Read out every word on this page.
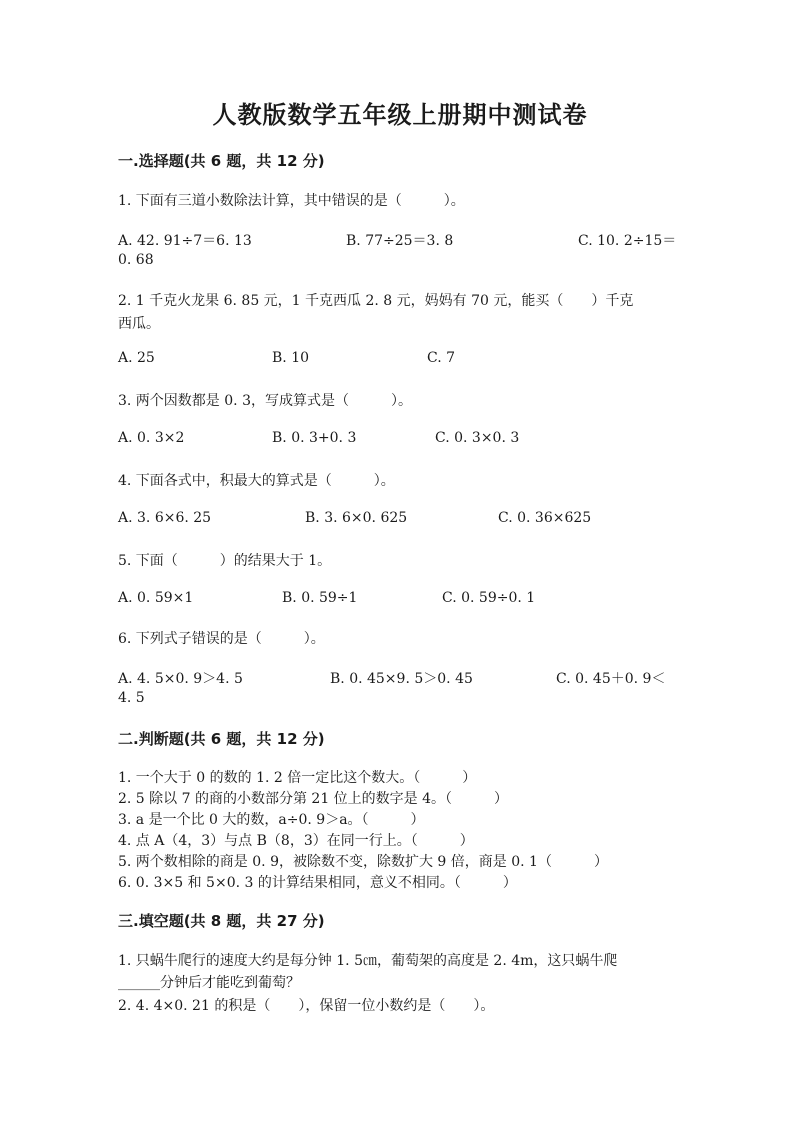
人教版数学五年级上册期中测试卷
一.选择题(共 6 题，共 12 分)
1. 下面有三道小数除法计算，其中错误的是（　　　）。
A. 42. 91÷7＝6. 13	B. 77÷25＝3. 8	C. 10. 2÷15＝
0. 68
2. 1 千克火龙果 6. 85 元，1 千克西瓜 2. 8 元，妈妈有 70 元，能买（　　）千克
西瓜。
A. 25	B. 10	C. 7
3. 两个因数都是 0. 3，写成算式是（　　　）。
A. 0. 3×2	B. 0. 3+0. 3	C. 0. 3×0. 3
4. 下面各式中，积最大的算式是（　　　）。
A. 3. 6×6. 25	B. 3. 6×0. 625	C. 0. 36×625
5. 下面（　　　）的结果大于 1。
A. 0. 59×1	B. 0. 59÷1	C. 0. 59÷0. 1
6. 下列式子错误的是（　　　）。
A. 4. 5×0. 9＞4. 5	B. 0. 45×9. 5＞0. 45	C. 0. 45＋0. 9＜
4. 5
二.判断题(共 6 题，共 12 分)
1. 一个大于 0 的数的 1. 2 倍一定比这个数大。（　　　）
2. 5 除以 7 的商的小数部分第 21 位上的数字是 4。（　　　）
3. a 是一个比 0 大的数，a÷0. 9＞a。（　　　）
4. 点 A（4，3）与点 B（8，3）在同一行上。（　　　）
5. 两个数相除的商是 0. 9，被除数不变，除数扩大 9 倍，商是 0. 1（　　　）
6. 0. 3×5 和 5×0. 3 的计算结果相同，意义不相同。（　　　）
三.填空题(共 8 题，共 27 分)
1. 只蜗牛爬行的速度大约是每分钟 1. 5㎝，葡萄架的高度是 2. 4m，这只蜗牛爬
______分钟后才能吃到葡萄？
2. 4. 4×0. 21 的积是（　　），保留一位小数约是（　　）。
